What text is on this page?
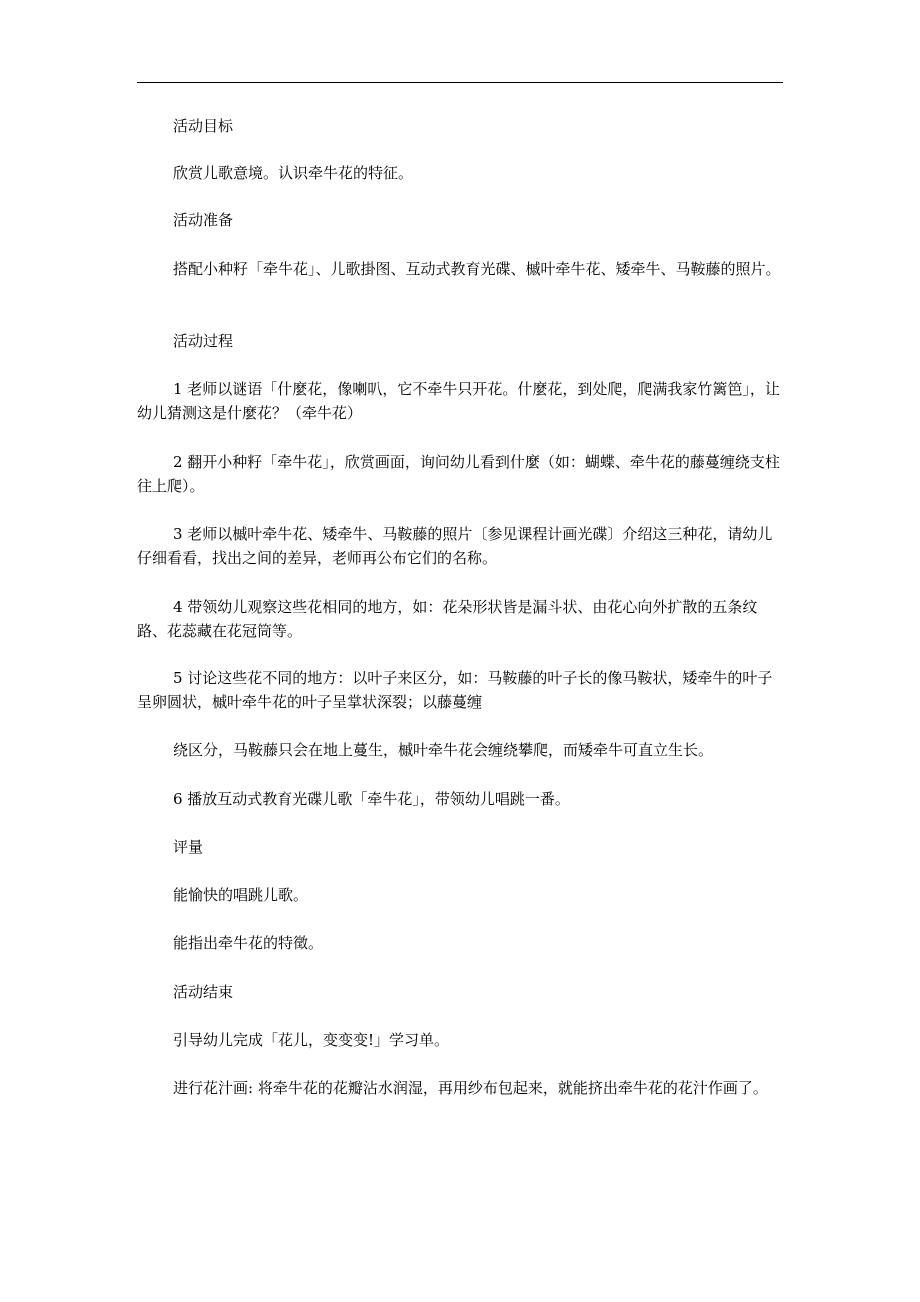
活动目标

欣赏儿歌意境。认识牵牛花的特征。

活动准备

搭配小种籽「牵牛花」、儿歌掛图、互动式教育光碟、槭叶牵牛花、矮牵牛、马鞍藤的照片。

活动过程

1 老师以谜语「什麼花，像喇叭，它不牵牛只开花。什麼花，到处爬，爬满我家竹篱笆」，让幼儿猜测这是什麼花？（牵牛花）

2 翻开小种籽「牵牛花」，欣赏画面，询问幼儿看到什麼（如：蝴蝶、牵牛花的藤蔓缠绕支柱往上爬）。

3 老师以槭叶牵牛花、矮牵牛、马鞍藤的照片〔参见课程计画光碟〕介绍这三种花，请幼儿仔细看看，找出之间的差异，老师再公布它们的名称。

4 带领幼儿观察这些花相同的地方，如：花朵形状皆是漏斗状、由花心向外扩散的五条纹路、花蕊藏在花冠筒等。

5 讨论这些花不同的地方：以叶子来区分，如：马鞍藤的叶子长的像马鞍状，矮牵牛的叶子呈卵圆状，槭叶牵牛花的叶子呈掌状深裂；以藤蔓缠

绕区分，马鞍藤只会在地上蔓生，槭叶牵牛花会缠绕攀爬，而矮牵牛可直立生长。

6 播放互动式教育光碟儿歌「牵牛花」，带领幼儿唱跳一番。

评量

能愉快的唱跳儿歌。

能指出牵牛花的特徵。

活动结束

引导幼儿完成「花儿，变变变!」学习单。

进行花汁画: 将牵牛花的花瓣沾水润湿，再用纱布包起来，就能挤出牵牛花的花汁作画了。
